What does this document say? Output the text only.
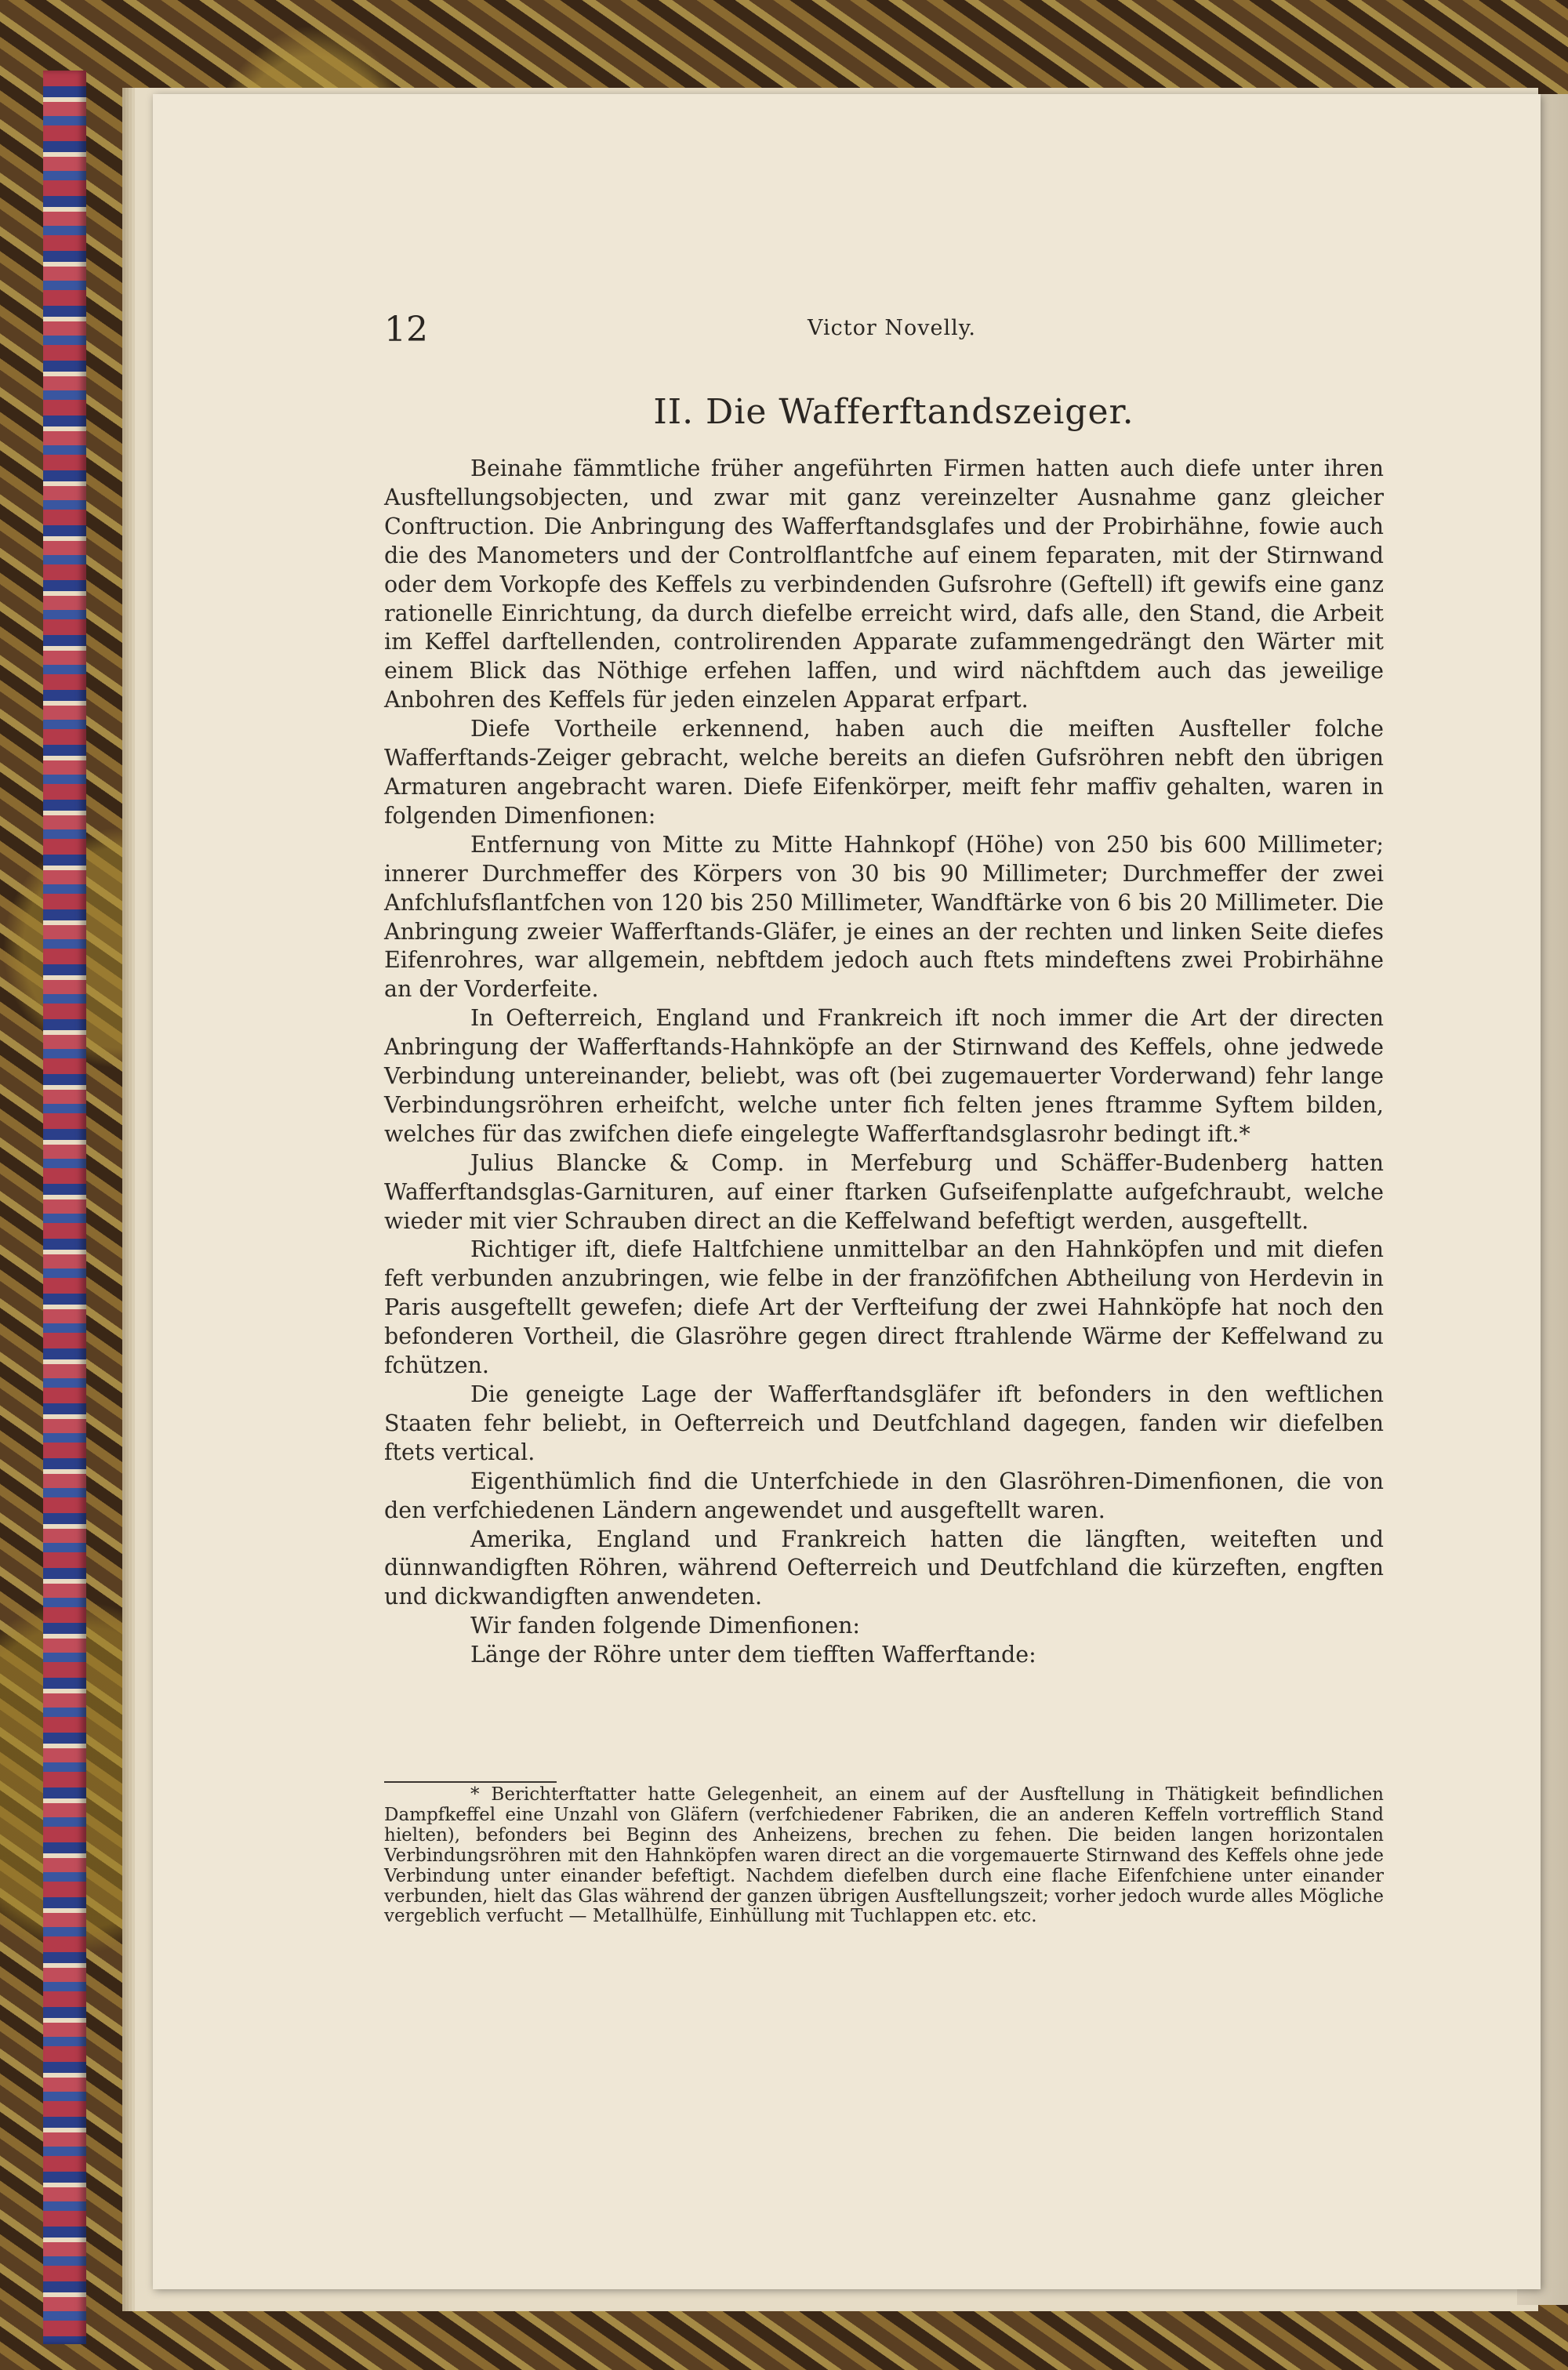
12	Victor Novelly.
II. Die Wafferftandszeiger.

Beinahe fämmtliche früher angeführten Firmen hatten auch diefe unter ihren Ausftellungsobjecten, und zwar mit ganz vereinzelter Ausnahme ganz gleicher Conftruction. Die Anbringung des Wafferftandsglafes und der Probirhähne, fowie auch die des Manometers und der Controlflantfche auf einem feparaten, mit der Stirnwand oder dem Vorkopfe des Keffels zu verbindenden Gufsrohre (Geftell) ift gewifs eine ganz rationelle Einrichtung, da durch diefelbe erreicht wird, dafs alle, den Stand, die Arbeit im Keffel darftellenden, controlirenden Apparate zufammengedrängt den Wärter mit einem Blick das Nöthige erfehen laffen, und wird nächftdem auch das jeweilige Anbohren des Keffels für jeden einzelen Apparat erfpart.

Diefe Vortheile erkennend, haben auch die meiften Ausfteller folche Wafferftands-Zeiger gebracht, welche bereits an diefen Gufsröhren nebft den übrigen Armaturen angebracht waren. Diefe Eifenkörper, meift fehr maffiv gehalten, waren in folgenden Dimenfionen:

Entfernung von Mitte zu Mitte Hahnkopf (Höhe) von 250 bis 600 Millimeter; innerer Durchmeffer des Körpers von 30 bis 90 Millimeter; Durchmeffer der zwei Anfchlufsflantfchen von 120 bis 250 Millimeter, Wandftärke von 6 bis 20 Millimeter. Die Anbringung zweier Wafferftands-Gläfer, je eines an der rechten und linken Seite diefes Eifenrohres, war allgemein, nebftdem jedoch auch ftets mindeftens zwei Probirhähne an der Vorderfeite.

In Oefterreich, England und Frankreich ift noch immer die Art der directen Anbringung der Wafferftands-Hahnköpfe an der Stirnwand des Keffels, ohne jedwede Verbindung untereinander, beliebt, was oft (bei zugemauerter Vorderwand) fehr lange Verbindungsröhren erheifcht, welche unter fich felten jenes ftramme Syftem bilden, welches für das zwifchen diefe eingelegte Wafferftandsglasrohr bedingt ift.*

Julius Blancke & Comp. in Merfeburg und Schäffer-Budenberg hatten Wafferftandsglas-Garnituren, auf einer ftarken Gufseifenplatte aufgefchraubt, welche wieder mit vier Schrauben direct an die Keffelwand befeftigt werden, ausgeftellt.

Richtiger ift, diefe Haltfchiene unmittelbar an den Hahnköpfen und mit diefen feft verbunden anzubringen, wie felbe in der franzöfifchen Abtheilung von Herdevin in Paris ausgeftellt gewefen; diefe Art der Verfteifung der zwei Hahnköpfe hat noch den befonderen Vortheil, die Glasröhre gegen direct ftrahlende Wärme der Keffelwand zu fchützen.

Die geneigte Lage der Wafferftandsgläfer ift befonders in den weftlichen Staaten fehr beliebt, in Oefterreich und Deutfchland dagegen, fanden wir diefelben ftets vertical.

Eigenthümlich find die Unterfchiede in den Glasröhren-Dimenfionen, die von den verfchiedenen Ländern angewendet und ausgeftellt waren.

Amerika, England und Frankreich hatten die längften, weiteften und dünnwandigften Röhren, während Oefterreich und Deutfchland die kürzeften, engften und dickwandigften anwendeten.

Wir fanden folgende Dimenfionen:

Länge der Röhre unter dem tiefften Wafferftande:

* Berichterftatter hatte Gelegenheit, an einem auf der Ausftellung in Thätigkeit befindlichen Dampfkeffel eine Unzahl von Gläfern (verfchiedener Fabriken, die an anderen Keffeln vortrefflich Stand hielten), befonders bei Beginn des Anheizens, brechen zu fehen. Die beiden langen horizontalen Verbindungsröhren mit den Hahnköpfen waren direct an die vorgemauerte Stirnwand des Keffels ohne jede Verbindung unter einander befeftigt. Nachdem diefelben durch eine flache Eifenfchiene unter einander verbunden, hielt das Glas während der ganzen übrigen Ausftellungszeit; vorher jedoch wurde alles Mögliche vergeblich verfucht — Metallhülfe, Einhüllung mit Tuchlappen etc. etc.
